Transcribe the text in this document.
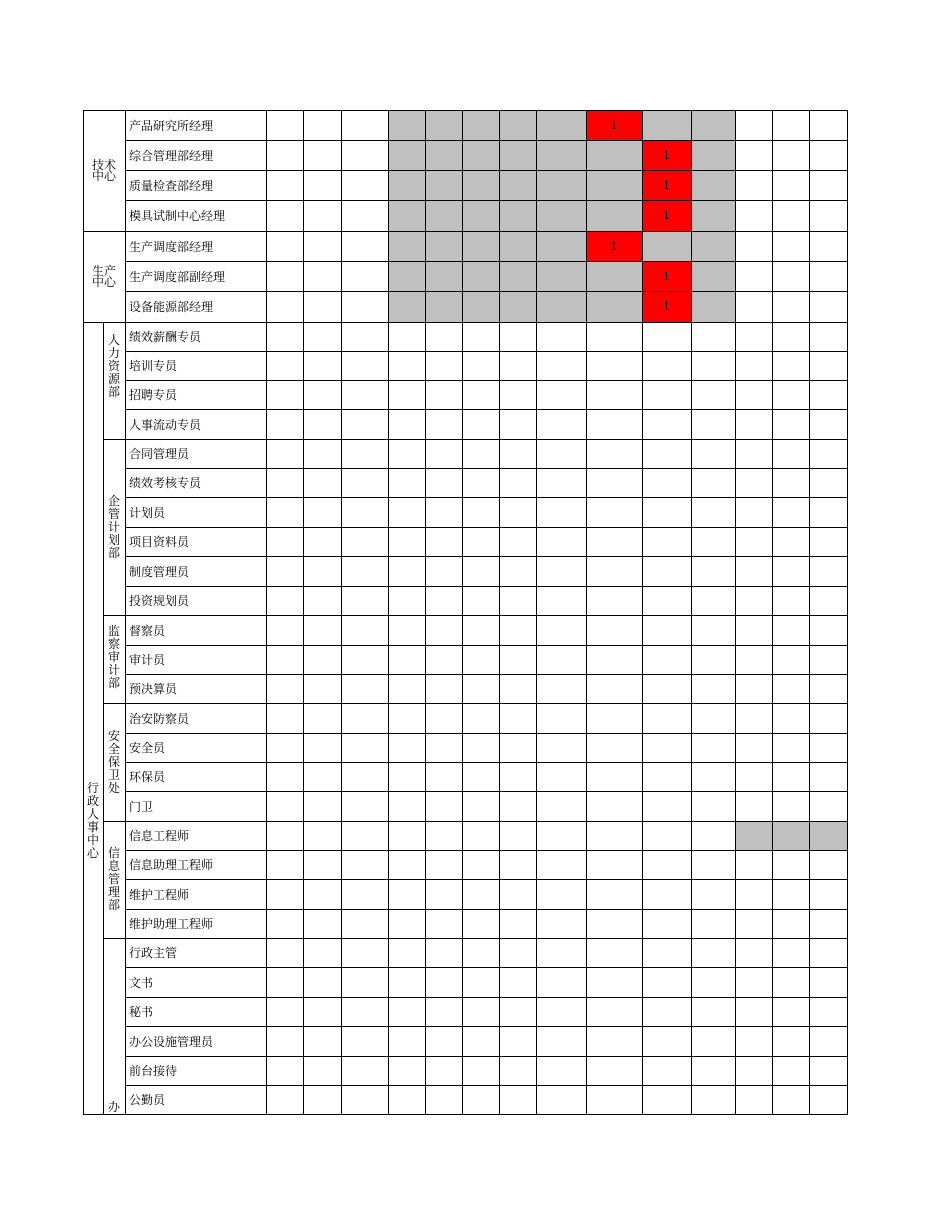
1
1
1
1
1
1
1
产品研究所经理
综合管理部经理
质量检查部经理
模具试制中心经理
生产调度部经理
生产调度部副经理
设备能源部经理
绩效薪酬专员
培训专员
招聘专员
人事流动专员
合同管理员
绩效考核专员
计划员
项目资料员
制度管理员
投资规划员
督察员
审计员
预决算员
治安防察员
安全员
环保员
门卫
信息工程师
信息助理工程师
维护工程师
维护助理工程师
行政主管
文书
秘书
办公设施管理员
前台接待
公勤员
技术
中心
生产
中心
行
政
人
事
中
心
人
力
资
源
部
企
管
计
划
部
监
察
审
计
部
安
全
保
卫
处
信
息
管
理
部
办
